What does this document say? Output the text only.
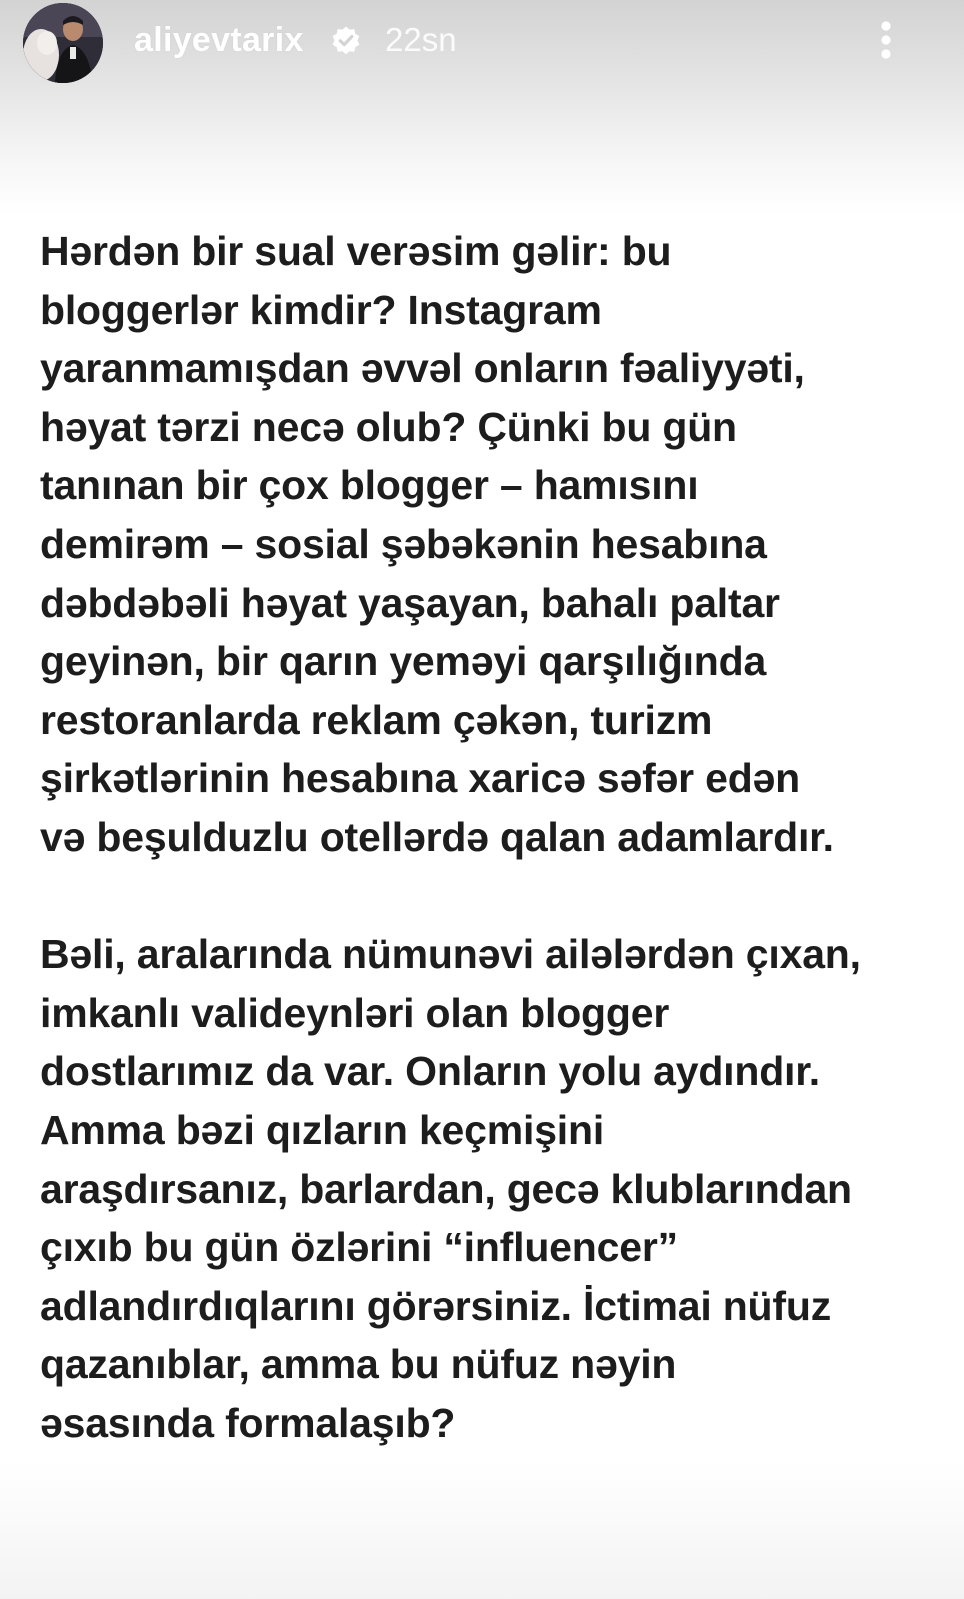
aliyevtarix 22sn

Hərdən bir sual verəsim gəlir: bu

bloggerlər kimdir? Instagram

yaranmamışdan əvvəl onların fəaliyyəti,

həyat tərzi necə olub? Çünki bu gün

tanınan bir çox blogger – hamısını

demirəm – sosial şəbəkənin hesabına

dəbdəbəli həyat yaşayan, bahalı paltar

geyinən, bir qarın yeməyi qarşılığında

restoranlarda reklam çəkən, turizm

şirkətlərinin hesabına xaricə səfər edən

və beşulduzlu otellərdə qalan adamlardır.

Bəli, aralarında nümunəvi ailələrdən çıxan,

imkanlı valideynləri olan blogger

dostlarımız da var. Onların yolu aydındır.

Amma bəzi qızların keçmişini

araşdırsanız, barlardan, gecə klublarından

çıxıb bu gün özlərini “influencer”

adlandırdıqlarını görərsiniz. İctimai nüfuz

qazanıblar, amma bu nüfuz nəyin

əsasında formalaşıb?
